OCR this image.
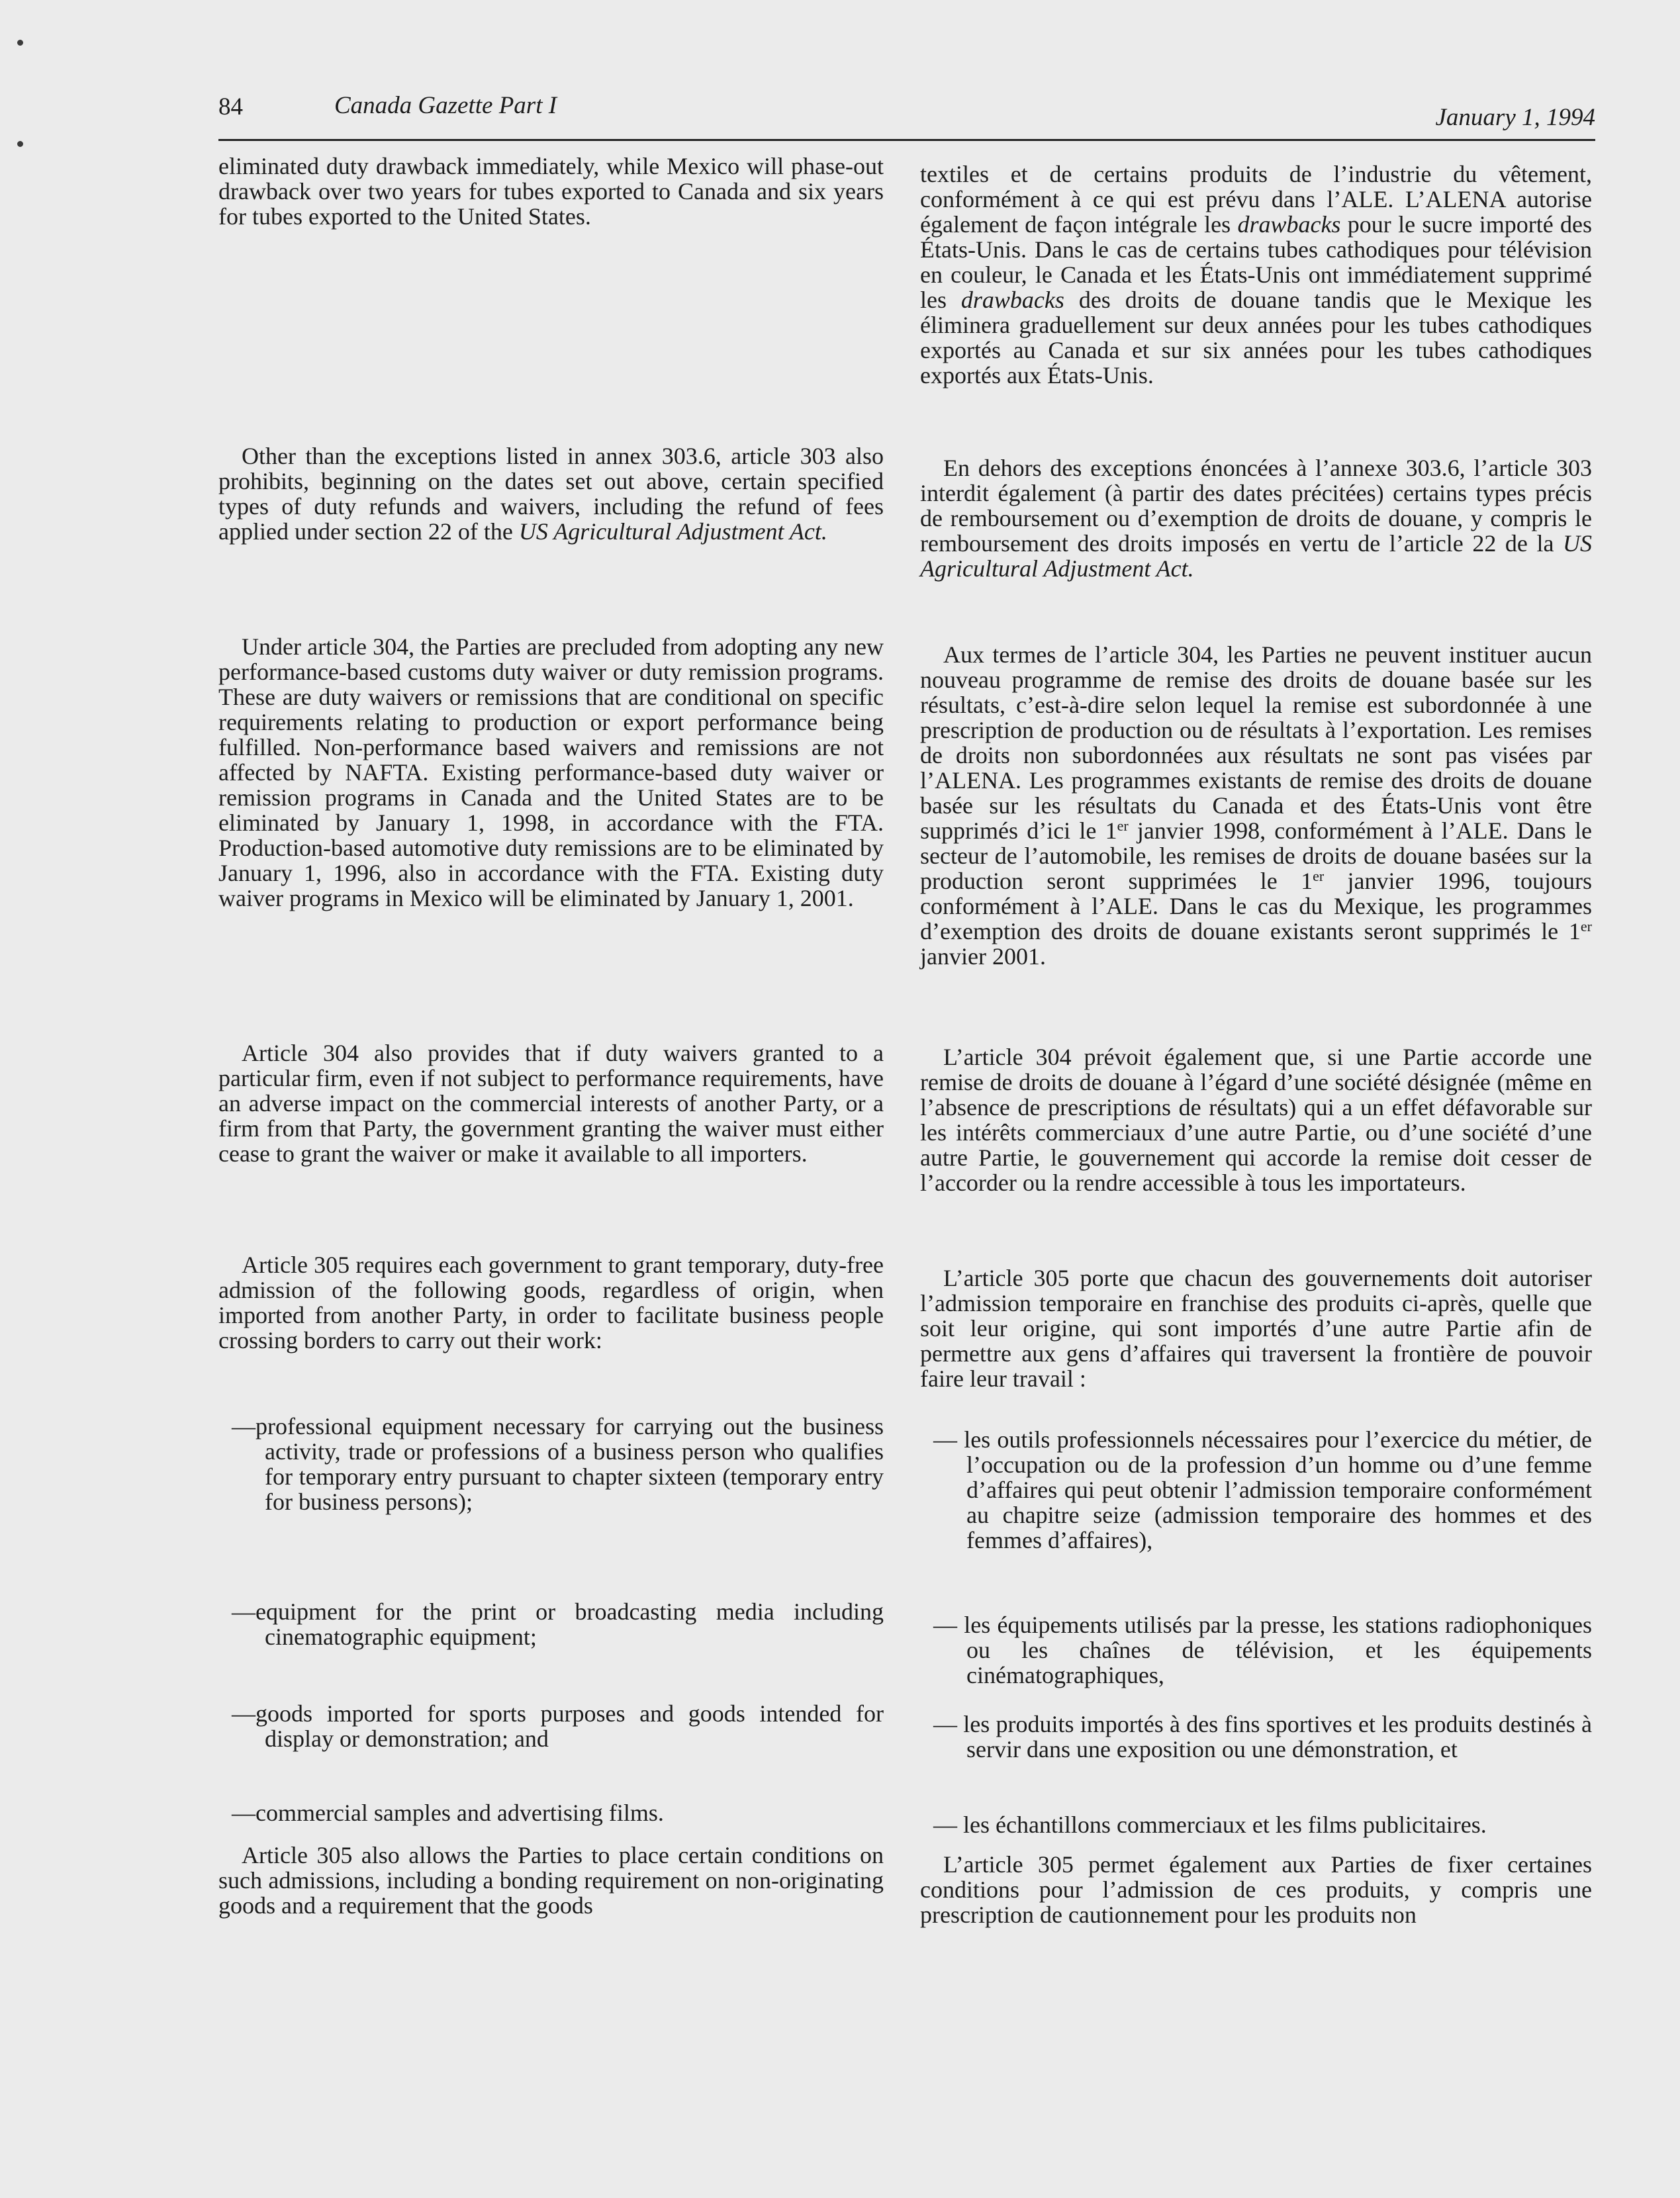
84	Canada Gazette Part I	January 1, 1994

eliminated duty drawback immediately, while Mexico will phase-out drawback over two years for tubes exported to Canada and six years for tubes exported to the United States.

Other than the exceptions listed in annex 303.6, article 303 also prohibits, beginning on the dates set out above, certain specified types of duty refunds and waivers, including the refund of fees applied under section 22 of the US Agricultural Adjustment Act.

Under article 304, the Parties are precluded from adopting any new performance-based customs duty waiver or duty remission programs. These are duty waivers or remissions that are conditional on specific requirements relating to production or export performance being fulfilled. Non-performance based waivers and remissions are not affected by NAFTA. Existing performance-based duty waiver or remission programs in Canada and the United States are to be eliminated by January 1, 1998, in accordance with the FTA. Production-based automotive duty remissions are to be eliminated by January 1, 1996, also in accordance with the FTA. Existing duty waiver programs in Mexico will be eliminated by January 1, 2001.

Article 304 also provides that if duty waivers granted to a particular firm, even if not subject to performance requirements, have an adverse impact on the commercial interests of another Party, or a firm from that Party, the government granting the waiver must either cease to grant the waiver or make it available to all importers.

Article 305 requires each government to grant temporary, duty-free admission of the following goods, regardless of origin, when imported from another Party, in order to facilitate business people crossing borders to carry out their work:

—professional equipment necessary for carrying out the business activity, trade or professions of a business person who qualifies for temporary entry pursuant to chapter sixteen (temporary entry for business persons);

—equipment for the print or broadcasting media including cinematographic equipment;

—goods imported for sports purposes and goods intended for display or demonstration; and

—commercial samples and advertising films.

Article 305 also allows the Parties to place certain conditions on such admissions, including a bonding requirement on non-originating goods and a requirement that the goods

textiles et de certains produits de l’industrie du vêtement, conformément à ce qui est prévu dans l’ALE. L’ALENA autorise également de façon intégrale les drawbacks pour le sucre importé des États-Unis. Dans le cas de certains tubes cathodiques pour télévision en couleur, le Canada et les États-Unis ont immédiatement supprimé les drawbacks des droits de douane tandis que le Mexique les éliminera graduellement sur deux années pour les tubes cathodiques exportés au Canada et sur six années pour les tubes cathodiques exportés aux États-Unis.

En dehors des exceptions énoncées à l’annexe 303.6, l’article 303 interdit également (à partir des dates précitées) certains types précis de remboursement ou d’exemption de droits de douane, y compris le remboursement des droits imposés en vertu de l’article 22 de la US Agricultural Adjustment Act.

Aux termes de l’article 304, les Parties ne peuvent instituer aucun nouveau programme de remise des droits de douane basée sur les résultats, c’est-à-dire selon lequel la remise est subordonnée à une prescription de production ou de résultats à l’exportation. Les remises de droits non subordonnées aux résultats ne sont pas visées par l’ALENA. Les programmes existants de remise des droits de douane basée sur les résultats du Canada et des États-Unis vont être supprimés d’ici le 1er janvier 1998, conformément à l’ALE. Dans le secteur de l’automobile, les remises de droits de douane basées sur la production seront supprimées le 1er janvier 1996, toujours conformément à l’ALE. Dans le cas du Mexique, les programmes d’exemption des droits de douane existants seront supprimés le 1er janvier 2001.

L’article 304 prévoit également que, si une Partie accorde une remise de droits de douane à l’égard d’une société désignée (même en l’absence de prescriptions de résultats) qui a un effet défavorable sur les intérêts commerciaux d’une autre Partie, ou d’une société d’une autre Partie, le gouvernement qui accorde la remise doit cesser de l’accorder ou la rendre accessible à tous les importateurs.

L’article 305 porte que chacun des gouvernements doit autoriser l’admission temporaire en franchise des produits ci-après, quelle que soit leur origine, qui sont importés d’une autre Partie afin de permettre aux gens d’affaires qui traversent la frontière de pouvoir faire leur travail :

— les outils professionnels nécessaires pour l’exercice du métier, de l’occupation ou de la profession d’un homme ou d’une femme d’affaires qui peut obtenir l’admission temporaire conformément au chapitre seize (admission temporaire des hommes et des femmes d’affaires),

— les équipements utilisés par la presse, les stations radiophoniques ou les chaînes de télévision, et les équipements cinématographiques,

— les produits importés à des fins sportives et les produits destinés à servir dans une exposition ou une démonstration, et

— les échantillons commerciaux et les films publicitaires.

L’article 305 permet également aux Parties de fixer certaines conditions pour l’admission de ces produits, y compris une prescription de cautionnement pour les produits non
